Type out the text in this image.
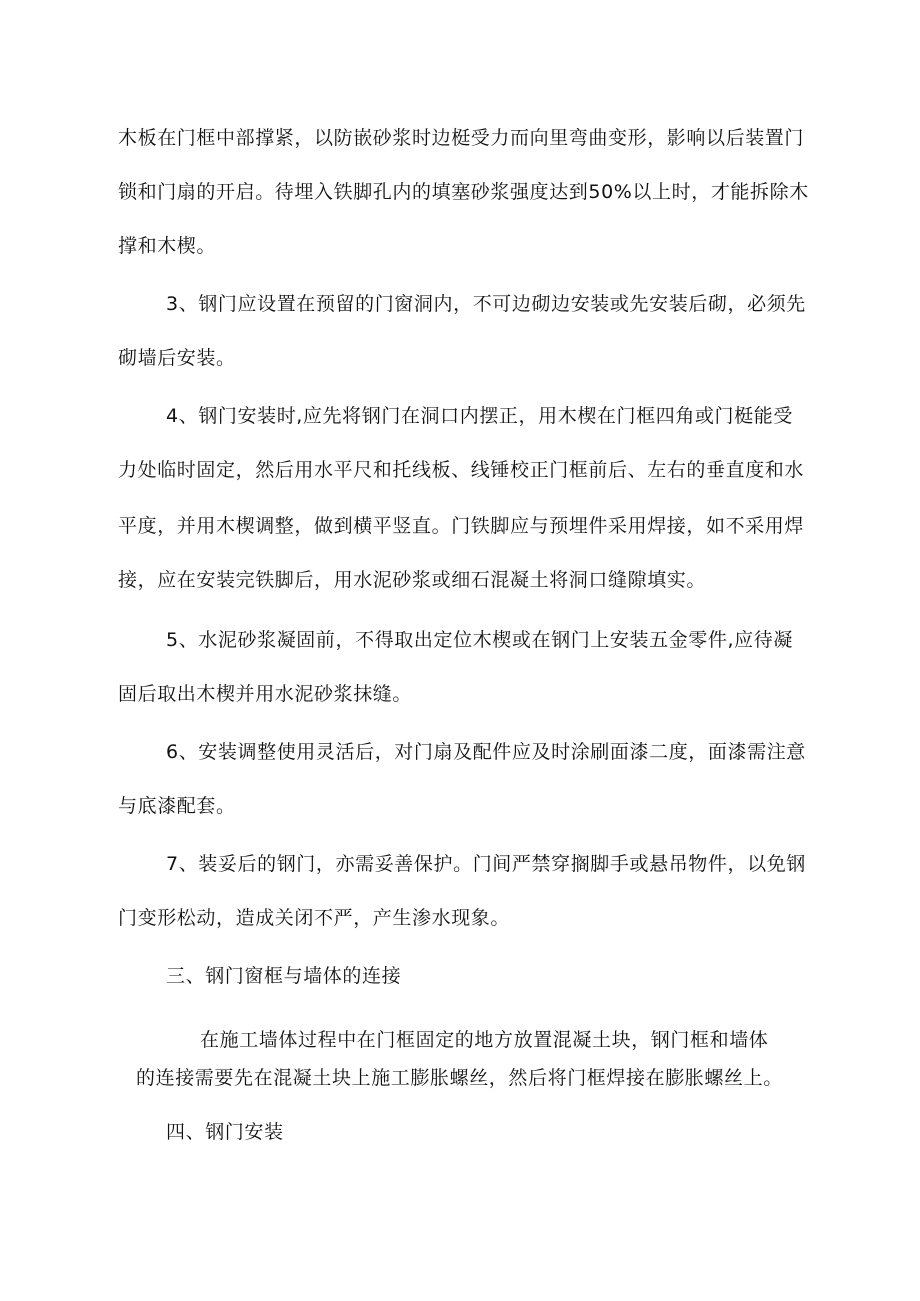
木板在门框中部撑紧，以防嵌砂浆时边梃受力而向里弯曲变形，影响以后装置门
锁和门扇的开启。待埋入铁脚孔内的填塞砂浆强度达到50%以上时，才能拆除木
撑和木楔。
3、钢门应设置在预留的门窗洞内，不可边砌边安装或先安装后砌，必须先
砌墙后安装。
4、钢门安装时,应先将钢门在洞口内摆正，用木楔在门框四角或门梃能受
力处临时固定，然后用水平尺和托线板、线锤校正门框前后、左右的垂直度和水
平度，并用木楔调整，做到横平竖直。门铁脚应与预埋件采用焊接，如不采用焊
接，应在安装完铁脚后，用水泥砂浆或细石混凝土将洞口缝隙填实。
5、水泥砂浆凝固前，不得取出定位木楔或在钢门上安装五金零件,应待凝
固后取出木楔并用水泥砂浆抹缝。
6、安装调整使用灵活后，对门扇及配件应及时涂刷面漆二度，面漆需注意
与底漆配套。
7、装妥后的钢门，亦需妥善保护。门间严禁穿搁脚手或悬吊物件，以免钢
门变形松动，造成关闭不严，产生渗水现象。
三、钢门窗框与墙体的连接
在施工墙体过程中在门框固定的地方放置混凝土块，钢门框和墙体
的连接需要先在混凝土块上施工膨胀螺丝，然后将门框焊接在膨胀螺丝上。
四、钢门安装
